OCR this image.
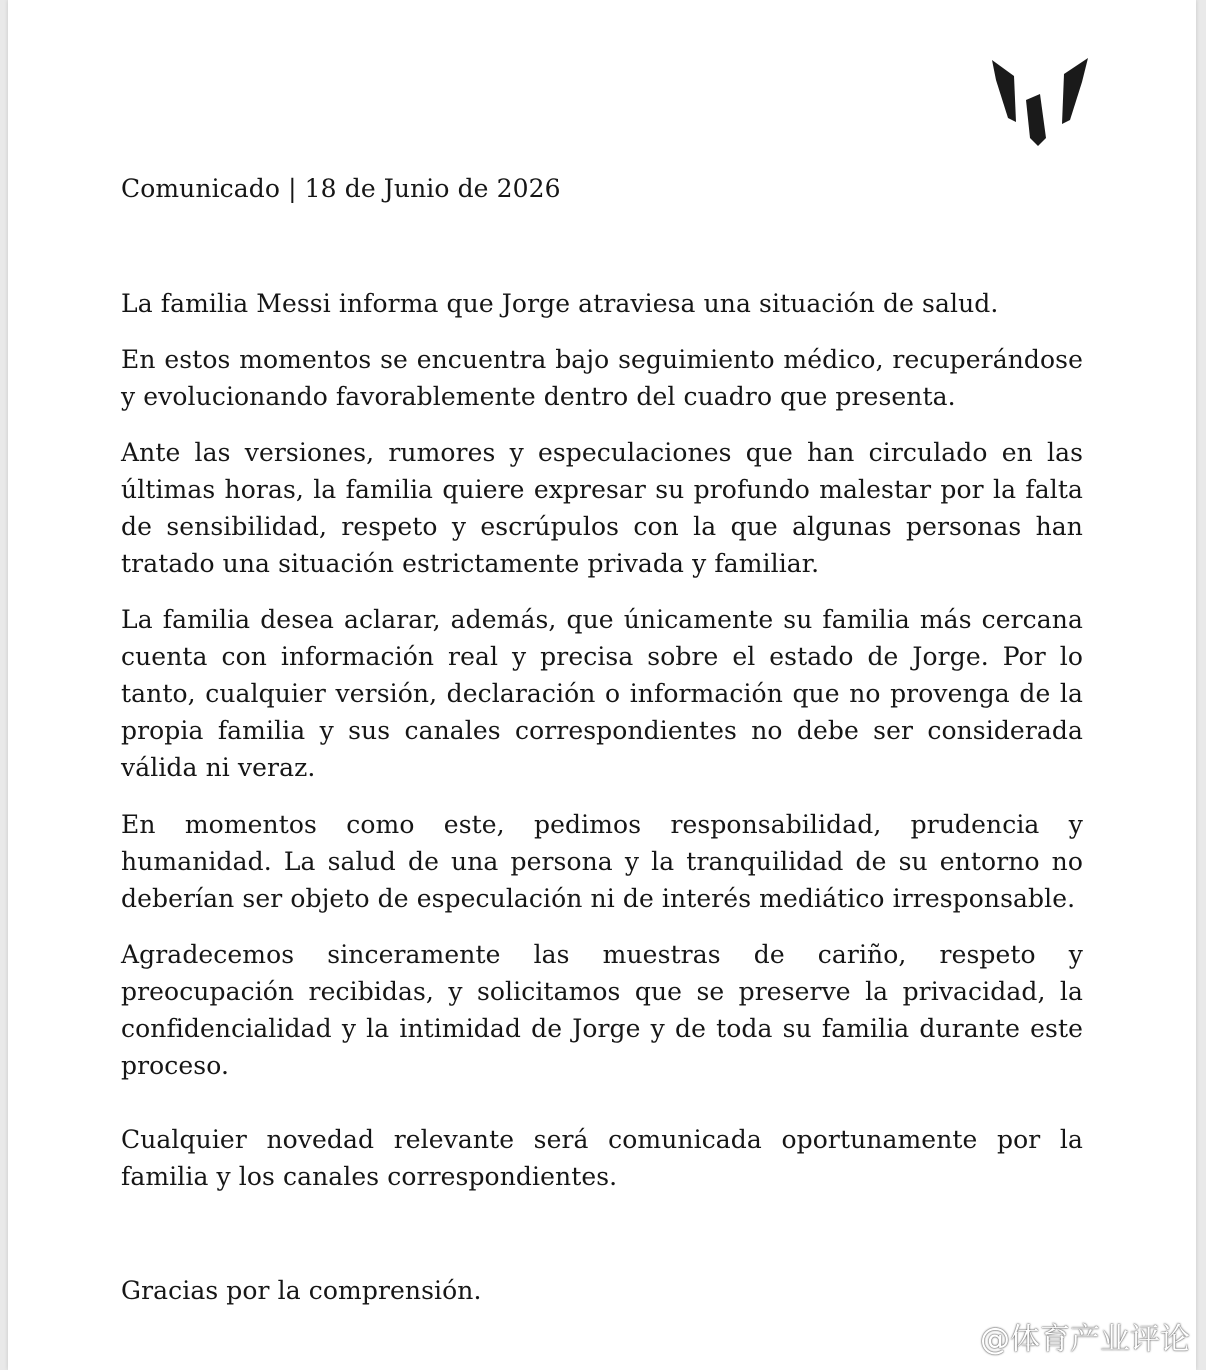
Comunicado | 18 de Junio de 2026

La familia Messi informa que Jorge atraviesa una situación de salud.

En estos momentos se encuentra bajo seguimiento médico, recuperándose y evolucionando favorablemente dentro del cuadro que presenta.

Ante las versiones, rumores y especulaciones que han circulado en las últimas horas, la familia quiere expresar su profundo malestar por la falta de sensibilidad, respeto y escrúpulos con la que algunas personas han tratado una situación estrictamente privada y familiar.

La familia desea aclarar, además, que únicamente su familia más cercana cuenta con información real y precisa sobre el estado de Jorge. Por lo tanto, cualquier versión, declaración o información que no provenga de la propia familia y sus canales correspondientes no debe ser considerada válida ni veraz.

En momentos como este, pedimos responsabilidad, prudencia y humanidad. La salud de una persona y la tranquilidad de su entorno no deberían ser objeto de especulación ni de interés mediático irresponsable.

Agradecemos sinceramente las muestras de cariño, respeto y preocupación recibidas, y solicitamos que se preserve la privacidad, la confidencialidad y la intimidad de Jorge y de toda su familia durante este proceso.

Cualquier novedad relevante será comunicada oportunamente por la familia y los canales correspondientes.

Gracias por la comprensión.

@体育产业评论
